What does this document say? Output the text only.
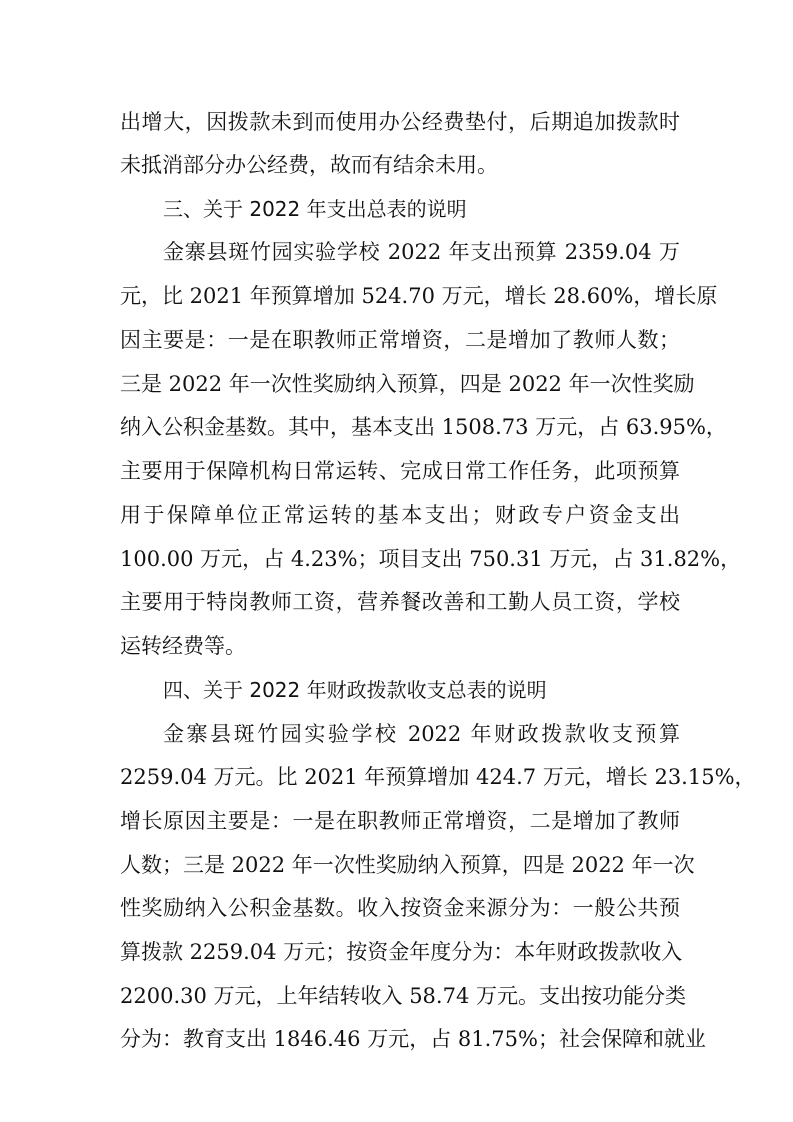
出增大，因拨款未到而使用办公经费垫付，后期追加拨款时
未抵消部分办公经费，故而有结余未用。
三、关于 2022 年支出总表的说明
金寨县斑竹园实验学校 2022 年支出预算 2359.04 万
元，比 2021 年预算增加 524.70 万元，增长 28.60%，增长原
因主要是：一是在职教师正常增资，二是增加了教师人数；
三是 2022 年一次性奖励纳入预算，四是 2022 年一次性奖励
纳入公积金基数。其中，基本支出 1508.73 万元，占 63.95%，
主要用于保障机构日常运转、完成日常工作任务，此项预算
用于保障单位正常运转的基本支出；财政专户资金支出
100.00 万元，占 4.23%；项目支出 750.31 万元，占 31.82%，
主要用于特岗教师工资，营养餐改善和工勤人员工资，学校
运转经费等。
四、关于 2022 年财政拨款收支总表的说明
金寨县斑竹园实验学校 2022 年财政拨款收支预算
2259.04 万元。比 2021 年预算增加 424.7 万元，增长 23.15%，
增长原因主要是：一是在职教师正常增资，二是增加了教师
人数；三是 2022 年一次性奖励纳入预算，四是 2022 年一次
性奖励纳入公积金基数。收入按资金来源分为：一般公共预
算拨款 2259.04 万元；按资金年度分为：本年财政拨款收入
2200.30 万元，上年结转收入 58.74 万元。支出按功能分类
分为：教育支出 1846.46 万元，占 81.75%；社会保障和就业
